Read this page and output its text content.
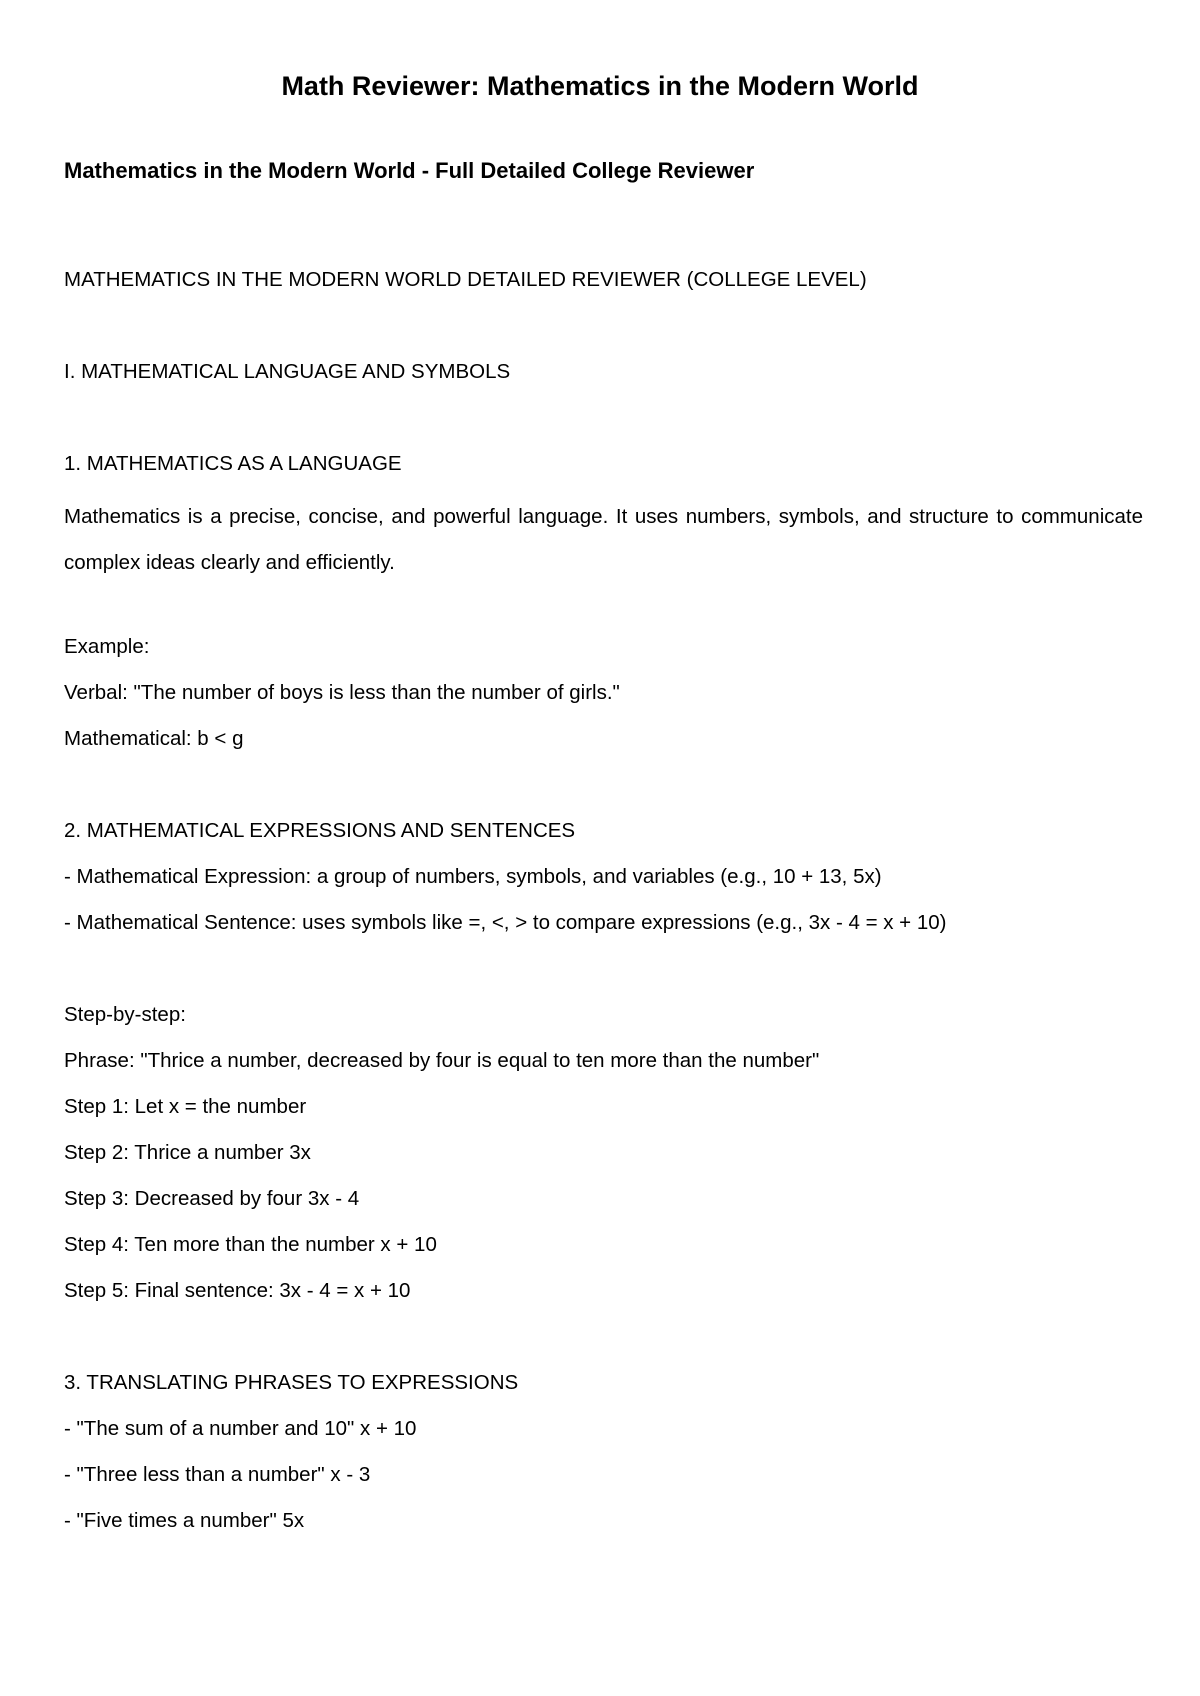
Math Reviewer: Mathematics in the Modern World
Mathematics in the Modern World - Full Detailed College Reviewer
MATHEMATICS IN THE MODERN WORLD DETAILED REVIEWER (COLLEGE LEVEL)
I. MATHEMATICAL LANGUAGE AND SYMBOLS
1. MATHEMATICS AS A LANGUAGE
Mathematics is a precise, concise, and powerful language. It uses numbers, symbols, and structure to communicate complex ideas clearly and efficiently.
Example:
Verbal: "The number of boys is less than the number of girls."
Mathematical: b < g
2. MATHEMATICAL EXPRESSIONS AND SENTENCES
- Mathematical Expression: a group of numbers, symbols, and variables (e.g., 10 + 13, 5x)
- Mathematical Sentence: uses symbols like =, <, > to compare expressions (e.g., 3x - 4 = x + 10)
Step-by-step:
Phrase: "Thrice a number, decreased by four is equal to ten more than the number"
Step 1: Let x = the number
Step 2: Thrice a number 3x
Step 3: Decreased by four 3x - 4
Step 4: Ten more than the number x + 10
Step 5: Final sentence: 3x - 4 = x + 10
3. TRANSLATING PHRASES TO EXPRESSIONS
- "The sum of a number and 10" x + 10
- "Three less than a number" x - 3
- "Five times a number" 5x
